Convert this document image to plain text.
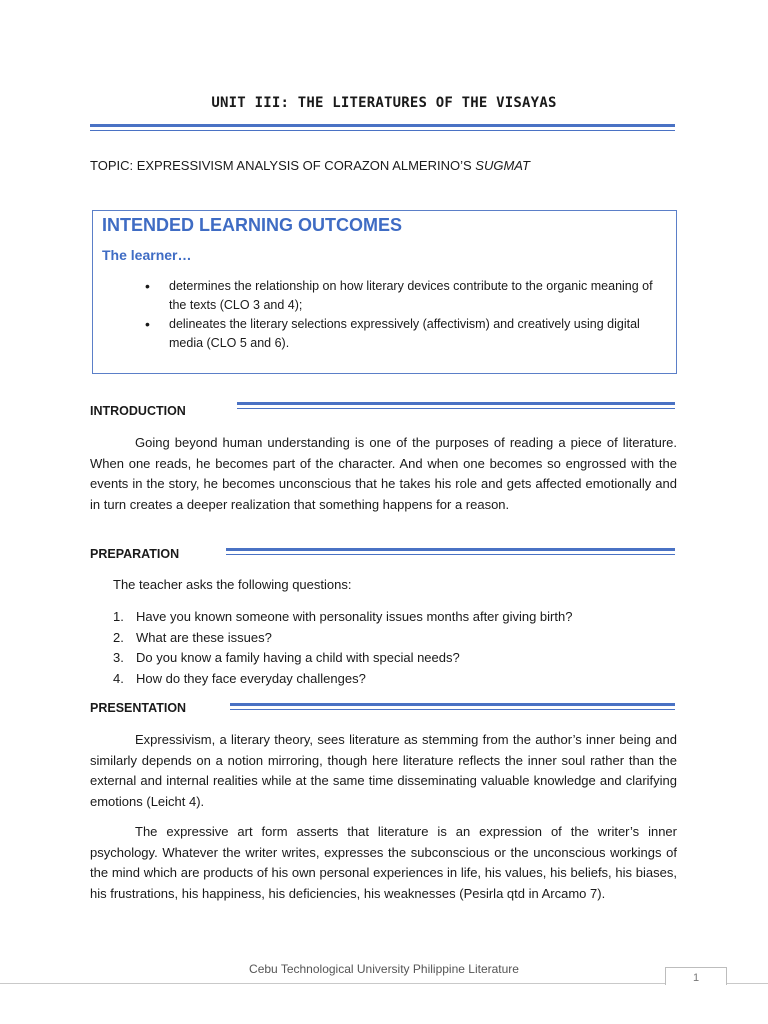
UNIT III: THE LITERATURES OF THE VISAYAS
TOPIC: EXPRESSIVISM ANALYSIS OF CORAZON ALMERINO’S SUGMAT
INTENDED LEARNING OUTCOMES
The learner…
• determines the relationship on how literary devices contribute to the organic meaning of the texts (CLO 3 and 4);
• delineates the literary selections expressively (affectivism) and creatively using digital media (CLO 5 and 6).
INTRODUCTION
Going beyond human understanding is one of the purposes of reading a piece of literature. When one reads, he becomes part of the character. And when one becomes so engrossed with the events in the story, he becomes unconscious that he takes his role and gets affected emotionally and in turn creates a deeper realization that something happens for a reason.
PREPARATION
The teacher asks the following questions:
1. Have you known someone with personality issues months after giving birth?
2. What are these issues?
3. Do you know a family having a child with special needs?
4. How do they face everyday challenges?
PRESENTATION
Expressivism, a literary theory, sees literature as stemming from the author’s inner being and similarly depends on a notion mirroring, though here literature reflects the inner soul rather than the external and internal realities while at the same time disseminating valuable knowledge and clarifying emotions (Leicht 4).
The expressive art form asserts that literature is an expression of the writer’s inner psychology. Whatever the writer writes, expresses the subconscious or the unconscious workings of the mind which are products of his own personal experiences in life, his values, his beliefs, his biases, his frustrations, his happiness, his deficiencies, his weaknesses (Pesirla qtd in Arcamo 7).
Cebu Technological University Philippine Literature
1
